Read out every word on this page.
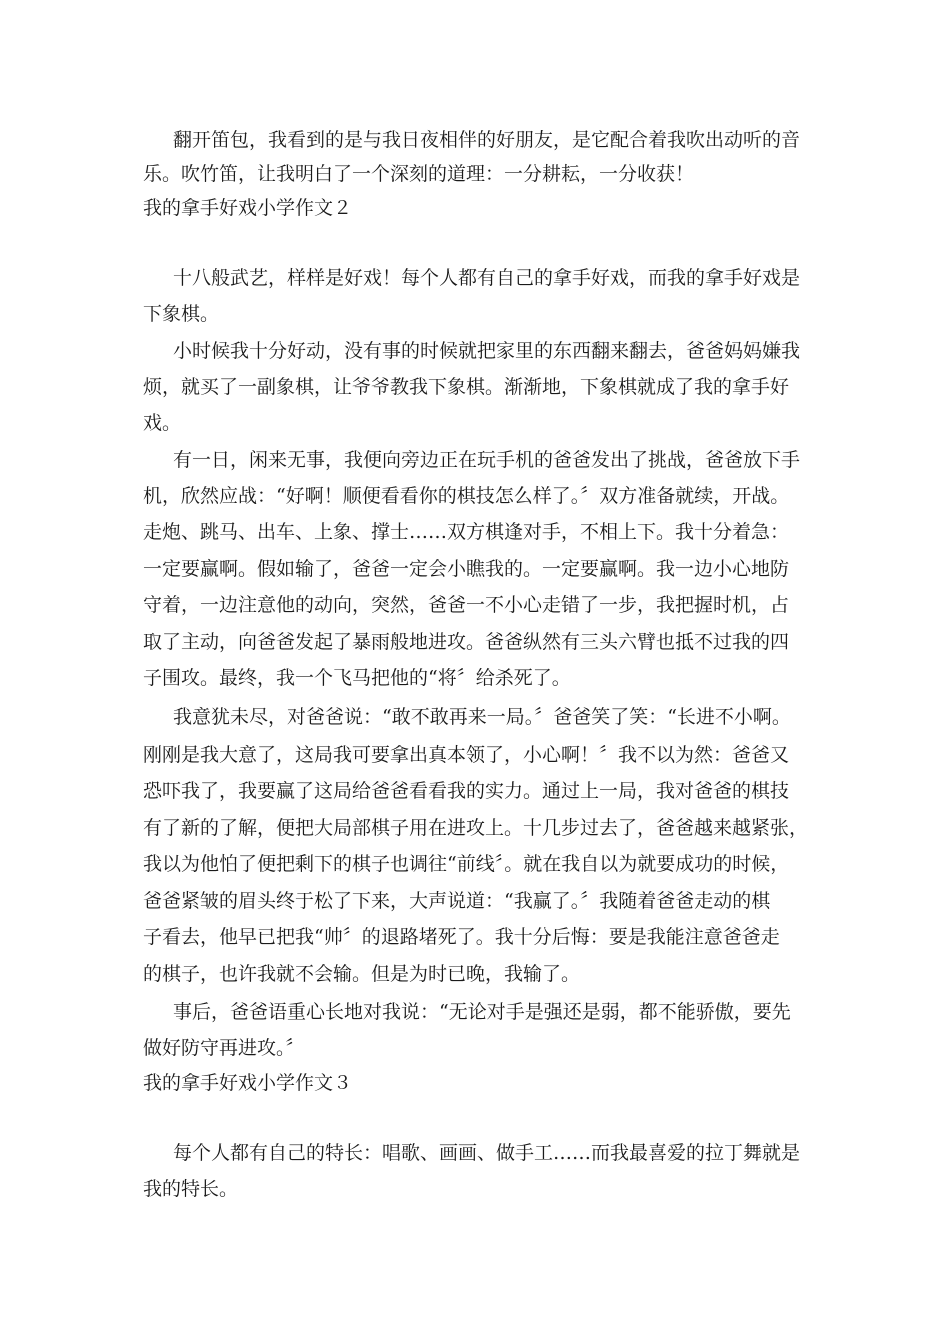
翻开笛包，我看到的是与我日夜相伴的好朋友，是它配合着我吹出动听的音
乐。吹竹笛，让我明白了一个深刻的道理：一分耕耘，一分收获！
我的拿手好戏小学作文２
十八般武艺，样样是好戏！每个人都有自己的拿手好戏，而我的拿手好戏是
下象棋。
小时候我十分好动，没有事的时候就把家里的东西翻来翻去，爸爸妈妈嫌我
烦，就买了一副象棋，让爷爷教我下象棋。渐渐地，下象棋就成了我的拿手好
戏。
有一日，闲来无事，我便向旁边正在玩手机的爸爸发出了挑战，爸爸放下手
机，欣然应战：“好啊！顺便看看你的棋技怎么样了。〞双方准备就续，开战。
走炮、跳马、出车、上象、撑士……双方棋逢对手，不相上下。我十分着急：
一定要赢啊。假如输了，爸爸一定会小瞧我的。一定要赢啊。我一边小心地防
守着，一边注意他的动向，突然，爸爸一不小心走错了一步，我把握时机，占
取了主动，向爸爸发起了暴雨般地进攻。爸爸纵然有三头六臂也抵不过我的四
子围攻。最终，我一个飞马把他的“将〞给杀死了。
我意犹未尽，对爸爸说：“敢不敢再来一局。〞爸爸笑了笑：“长进不小啊。
刚刚是我大意了，这局我可要拿出真本领了，小心啊！〞我不以为然：爸爸又
恐吓我了，我要赢了这局给爸爸看看我的实力。通过上一局，我对爸爸的棋技
有了新的了解，便把大局部棋子用在进攻上。十几步过去了，爸爸越来越紧张，
我以为他怕了便把剩下的棋子也调往“前线〞。就在我自以为就要成功的时候，
爸爸紧皱的眉头终于松了下来，大声说道：“我赢了。〞我随着爸爸走动的棋
子看去，他早已把我“帅〞的退路堵死了。我十分后悔：要是我能注意爸爸走
的棋子，也许我就不会输。但是为时已晚，我输了。
事后，爸爸语重心长地对我说：“无论对手是强还是弱，都不能骄傲，要先
做好防守再进攻。〞
我的拿手好戏小学作文３
每个人都有自己的特长：唱歌、画画、做手工……而我最喜爱的拉丁舞就是
我的特长。
